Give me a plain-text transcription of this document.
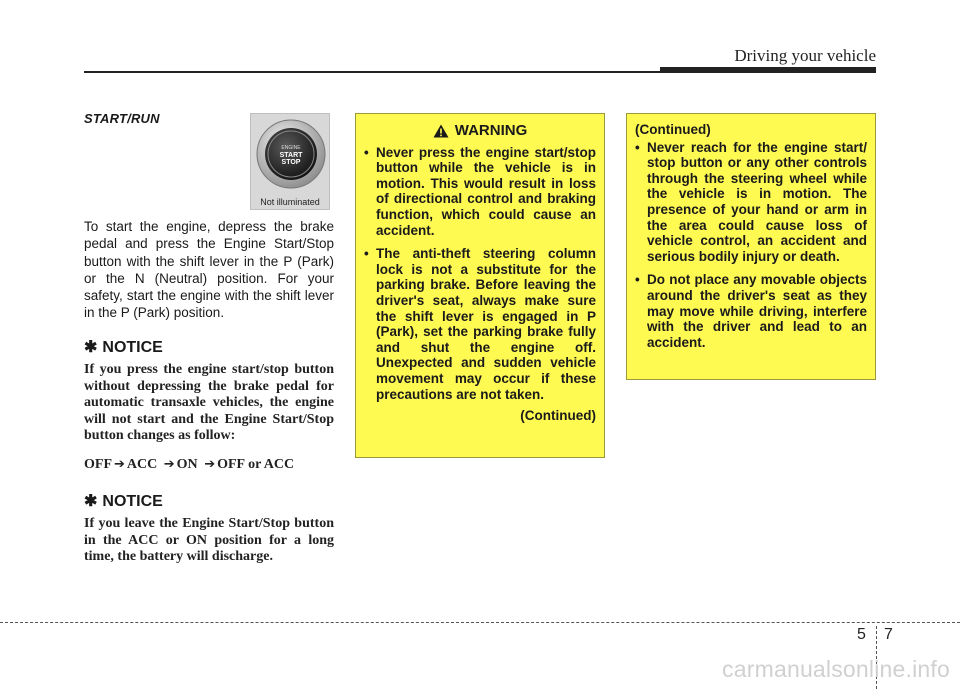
Driving your vehicle
START/RUN
ENGINE
START
STOP
Not illuminated
To start the engine, depress the brake pedal and press the Engine Start/Stop button with the shift lever in the P (Park) or the N (Neutral) position. For your safety, start the engine with the shift lever in the P (Park) position.
✱ NOTICE
If you press the engine start/stop button without depressing the brake pedal for automatic transaxle vehicles, the engine will not start and the Engine Start/Stop button changes as follow:
OFF ➔ ACC ➔ ON ➔ OFF or ACC
✱ NOTICE
If you leave the Engine Start/Stop button in the ACC or ON position for a long time, the battery will discharge.
WARNING
• Never press the engine start/stop button while the vehicle is in motion. This would result in loss of directional control and braking function, which could cause an accident.
• The anti-theft steering column lock is not a substitute for the parking brake. Before leaving the driver's seat, always make sure the shift lever is engaged in P (Park), set the parking brake fully and shut the engine off. Unexpected and sudden vehicle movement may occur if these precautions are not taken.
(Continued)
(Continued)
• Never reach for the engine start/ stop button or any other controls through the steering wheel while the vehicle is in motion. The presence of your hand or arm in the area could cause loss of vehicle control, an accident and serious bodily injury or death.
• Do not place any movable objects around the driver's seat as they may move while driving, interfere with the driver and lead to an accident.
5 7
carmanualsonline.info
